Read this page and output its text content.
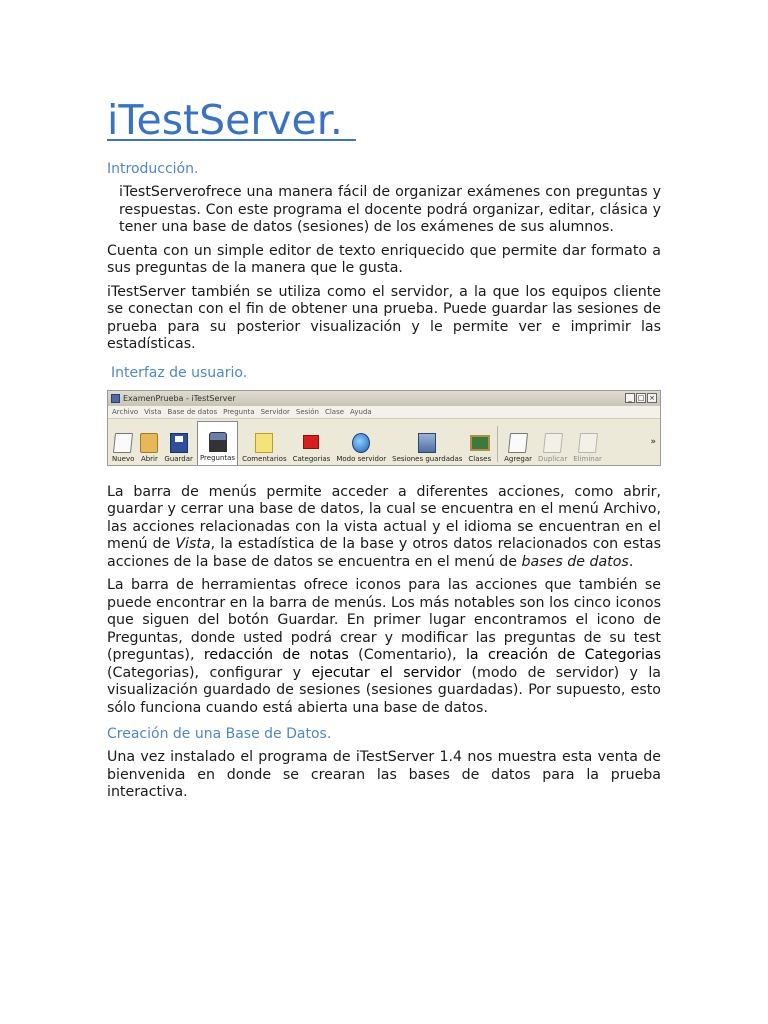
iTestServer.
Introducción.

iTestServerofrece una manera fácil de organizar exámenes con preguntas y respuestas. Con este programa el docente podrá organizar, editar, clásica y tener una base de datos (sesiones) de los exámenes de sus alumnos.

Cuenta con un simple editor de texto enriquecido que permite dar formato a sus preguntas de la manera que le gusta.

iTestServer también se utiliza como el servidor, a la que los equipos cliente se conectan con el fin de obtener una prueba. Puede guardar las sesiones de prueba para su posterior visualización y le permite ver e imprimir las estadísticas.

Interfaz de usuario.
ExamenPrueba - iTestServer	_ □ ×
Archivo Vista Base de datos Pregunta Servidor Sesión Clase Ayuda
Nuevo Abrir Guardar Preguntas Comentarios Categorias Modo servidor Sesiones guardadas Clases Agregar Duplicar Eliminar
»

La barra de menús permite acceder a diferentes acciones, como abrir, guardar y cerrar una base de datos, la cual se encuentra en el menú Archivo, las acciones relacionadas con la vista actual y el idioma se encuentran en el menú de Vista, la estadística de la base y otros datos relacionados con estas acciones de la base de datos se encuentra en el menú de bases de datos.

La barra de herramientas ofrece iconos para las acciones que también se puede encontrar en la barra de menús. Los más notables son los cinco iconos que siguen del botón Guardar. En primer lugar encontramos el icono de Preguntas, donde usted podrá crear y modificar las preguntas de su test (preguntas), redacción de notas (Comentario), la creación de Categorias (Categorias), configurar y ejecutar el servidor (modo de servidor) y la visualización guardado de sesiones (sesiones guardadas). Por supuesto, esto sólo funciona cuando está abierta una base de datos.

Creación de una Base de Datos.

Una vez instalado el programa de iTestServer 1.4 nos muestra esta venta de bienvenida en donde se crearan las bases de datos para la prueba interactiva.
